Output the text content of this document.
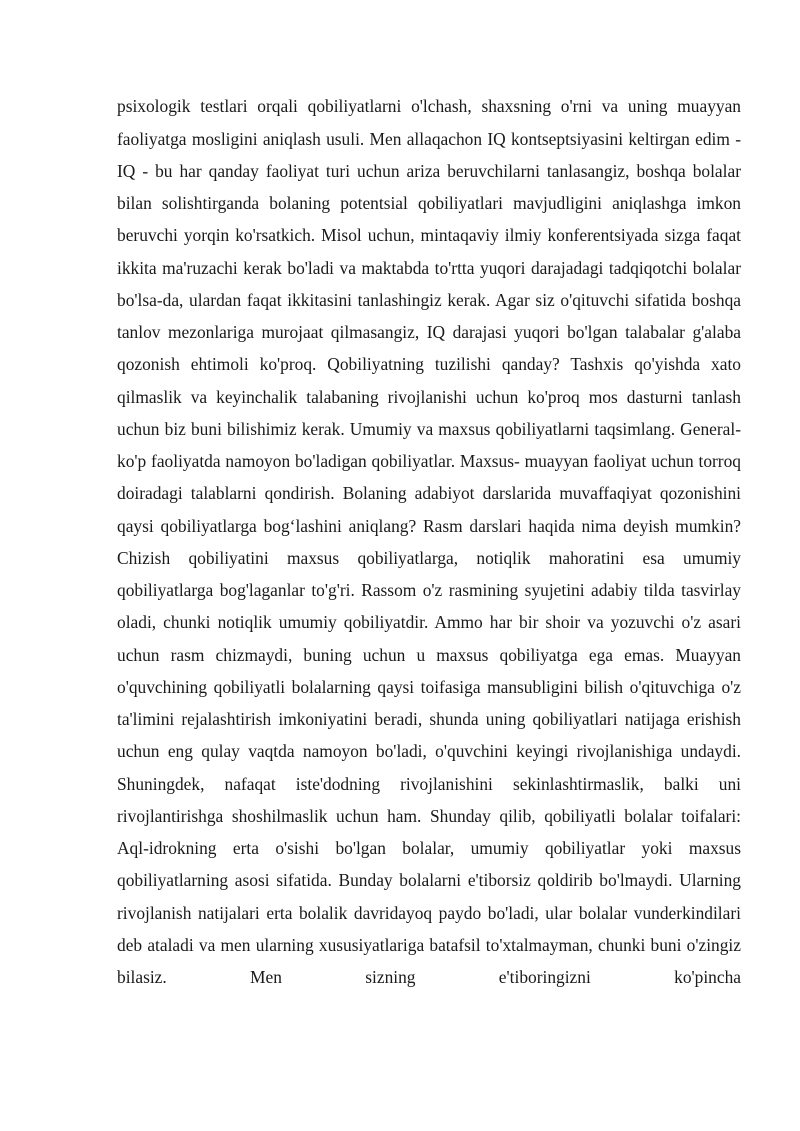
psixologik testlari orqali qobiliyatlarni o'lchash, shaxsning o'rni va uning muayyan faoliyatga mosligini aniqlash usuli. Men allaqachon IQ kontseptsiyasini keltirgan edim - IQ - bu har qanday faoliyat turi uchun ariza beruvchilarni tanlasangiz, boshqa bolalar bilan solishtirganda bolaning potentsial qobiliyatlari mavjudligini aniqlashga imkon beruvchi yorqin ko'rsatkich. Misol uchun, mintaqaviy ilmiy konferentsiyada sizga faqat ikkita ma'ruzachi kerak bo'ladi va maktabda to'rtta yuqori darajadagi tadqiqotchi bolalar bo'lsa-da, ulardan faqat ikkitasini tanlashingiz kerak. Agar siz o'qituvchi sifatida boshqa tanlov mezonlariga murojaat qilmasangiz, IQ darajasi yuqori bo'lgan talabalar g'alaba qozonish ehtimoli ko'proq. Qobiliyatning tuzilishi qanday? Tashxis qo'yishda xato qilmaslik va keyinchalik talabaning rivojlanishi uchun ko'proq mos dasturni tanlash uchun biz buni bilishimiz kerak. Umumiy va maxsus qobiliyatlarni taqsimlang. General- ko'p faoliyatda namoyon bo'ladigan qobiliyatlar. Maxsus- muayyan faoliyat uchun torroq doiradagi talablarni qondirish. Bolaning adabiyot darslarida muvaffaqiyat qozonishini qaysi qobiliyatlarga bog‘lashini aniqlang? Rasm darslari haqida nima deyish mumkin? Chizish qobiliyatini maxsus qobiliyatlarga, notiqlik mahoratini esa umumiy qobiliyatlarga bog'laganlar to'g'ri. Rassom o'z rasmining syujetini adabiy tilda tasvirlay oladi, chunki notiqlik umumiy qobiliyatdir. Ammo har bir shoir va yozuvchi o'z asari uchun rasm chizmaydi, buning uchun u maxsus qobiliyatga ega emas. Muayyan o'quvchining qobiliyatli bolalarning qaysi toifasiga mansubligini bilish o'qituvchiga o'z ta'limini rejalashtirish imkoniyatini beradi, shunda uning qobiliyatlari natijaga erishish uchun eng qulay vaqtda namoyon bo'ladi, o'quvchini keyingi rivojlanishiga undaydi. Shuningdek, nafaqat iste'dodning rivojlanishini sekinlashtirmaslik, balki uni rivojlantirishga shoshilmaslik uchun ham. Shunday qilib, qobiliyatli bolalar toifalari: Aql-idrokning erta o'sishi bo'lgan bolalar, umumiy qobiliyatlar yoki maxsus qobiliyatlarning asosi sifatida. Bunday bolalarni e'tiborsiz qoldirib bo'lmaydi. Ularning rivojlanish natijalari erta bolalik davridayoq paydo bo'ladi, ular bolalar vunderkindilari deb ataladi va men ularning xususiyatlariga batafsil to'xtalmayman, chunki buni o'zingiz bilasiz. Men sizning e'tiboringizni ko'pincha
